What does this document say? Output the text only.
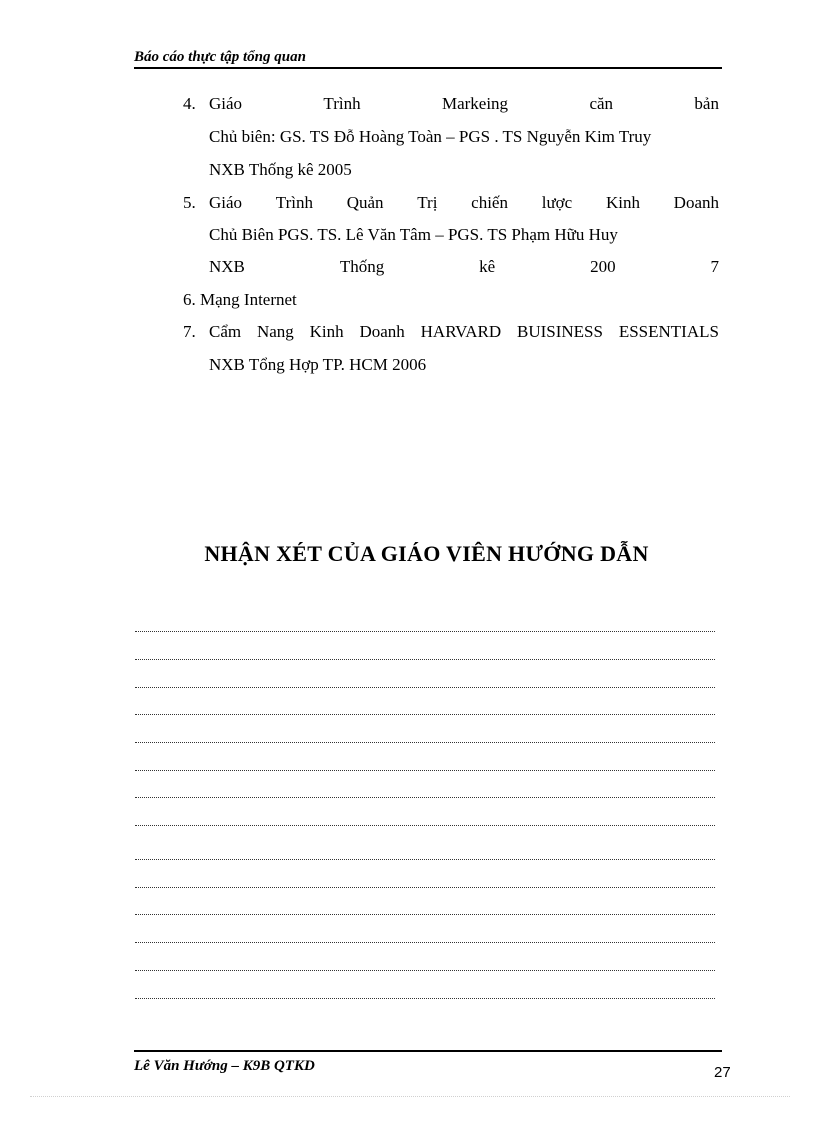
Báo cáo thực tập tổng quan
4. Giáo	Trình	Markeing	căn	bản
Chủ biên: GS. TS Đỗ Hoàng Toàn – PGS . TS Nguyễn Kim Truy
NXB Thống kê 2005
5. Giáo Trình Quản Trị chiến lược Kinh Doanh
Chủ Biên PGS. TS. Lê Văn Tâm – PGS. TS Phạm Hữu Huy
NXB	Thống	kê	200	7
6. Mạng Internet
7. Cẩm Nang Kinh Doanh HARVARD BUISINESS ESSENTIALS
NXB Tổng Hợp TP. HCM 2006
NHẬN XÉT CỦA GIÁO VIÊN HƯỚNG DẪN
Lê Văn Hướng – K9B QTKD	27
